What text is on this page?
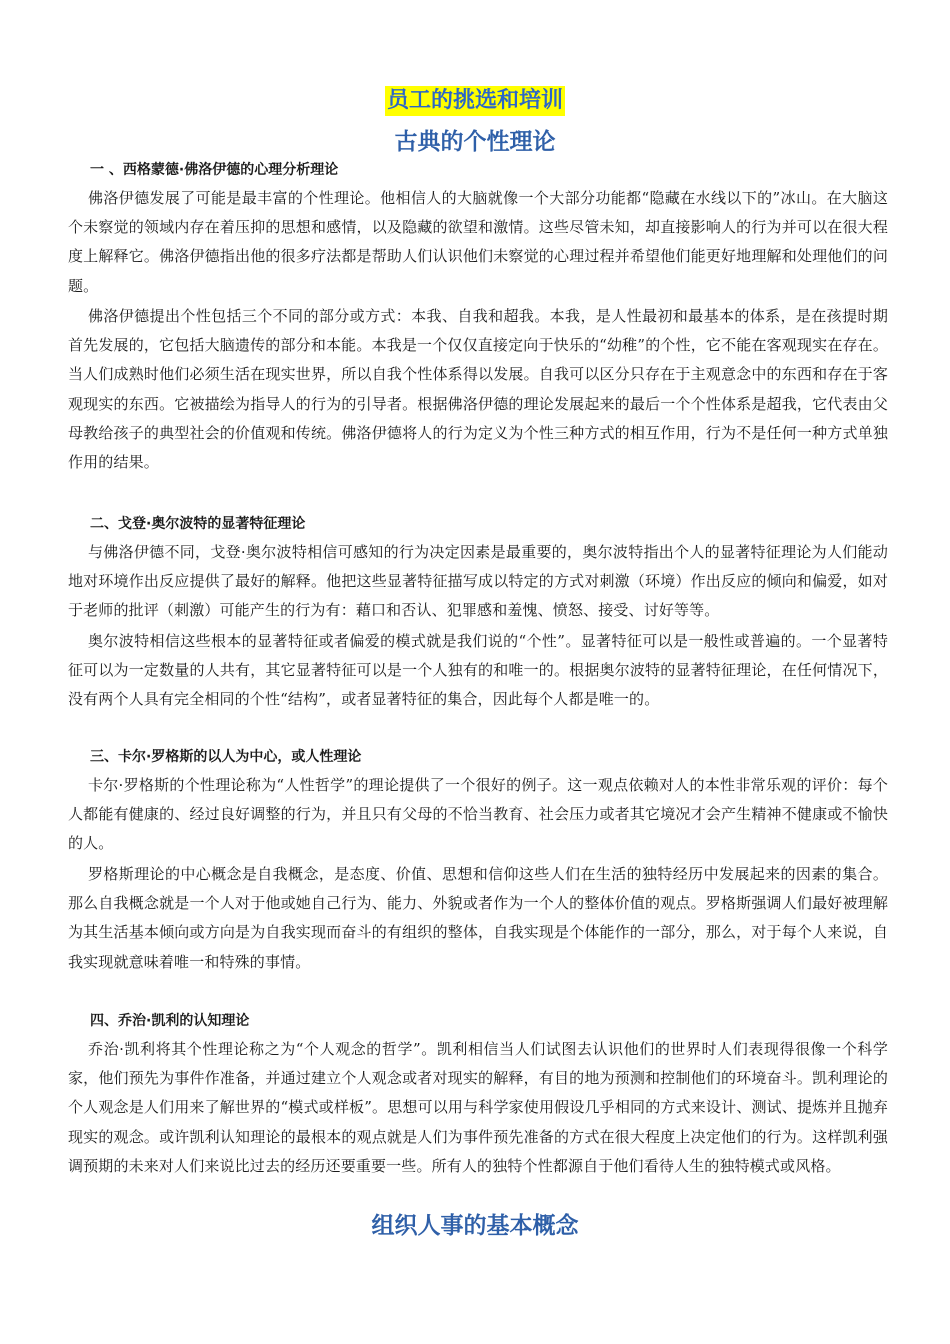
员工的挑选和培训
古典的个性理论
一 、西格蒙德·佛洛伊德的心理分析理论

佛洛伊德发展了可能是最丰富的个性理论。他相信人的大脑就像一个大部分功能都“隐藏在水线以下的”冰山。在大脑这个未察觉的领域内存在着压抑的思想和感情，以及隐藏的欲望和激情。这些尽管未知，却直接影响人的行为并可以在很大程度上解释它。佛洛伊德指出他的很多疗法都是帮助人们认识他们未察觉的心理过程并希望他们能更好地理解和处理他们的问题。

佛洛伊德提出个性包括三个不同的部分或方式：本我、自我和超我。本我，是人性最初和最基本的体系，是在孩提时期首先发展的，它包括大脑遗传的部分和本能。本我是一个仅仅直接定向于快乐的“幼稚”的个性，它不能在客观现实在存在。当人们成熟时他们必须生活在现实世界，所以自我个性体系得以发展。自我可以区分只存在于主观意念中的东西和存在于客观现实的东西。它被描绘为指导人的行为的引导者。根据佛洛伊德的理论发展起来的最后一个个性体系是超我，它代表由父母教给孩子的典型社会的价值观和传统。佛洛伊德将人的行为定义为个性三种方式的相互作用，行为不是任何一种方式单独作用的结果。

二、戈登·奥尔波特的显著特征理论

与佛洛伊德不同，戈登·奥尔波特相信可感知的行为决定因素是最重要的，奥尔波特指出个人的显著特征理论为人们能动地对环境作出反应提供了最好的解释。他把这些显著特征描写成以特定的方式对刺激（环境）作出反应的倾向和偏爱，如对于老师的批评（刺激）可能产生的行为有：藉口和否认、犯罪感和羞愧、愤怒、接受、讨好等等。

奥尔波特相信这些根本的显著特征或者偏爱的模式就是我们说的“个性”。显著特征可以是一般性或普遍的。一个显著特征可以为一定数量的人共有，其它显著特征可以是一个人独有的和唯一的。根据奥尔波特的显著特征理论，在任何情况下，没有两个人具有完全相同的个性“结构”，或者显著特征的集合，因此每个人都是唯一的。

三、卡尔·罗格斯的以人为中心，或人性理论

卡尔·罗格斯的个性理论称为“人性哲学”的理论提供了一个很好的例子。这一观点依赖对人的本性非常乐观的评价：每个人都能有健康的、经过良好调整的行为，并且只有父母的不恰当教育、社会压力或者其它境况才会产生精神不健康或不愉快的人。

罗格斯理论的中心概念是自我概念，是态度、价值、思想和信仰这些人们在生活的独特经历中发展起来的因素的集合。那么自我概念就是一个人对于他或她自己行为、能力、外貌或者作为一个人的整体价值的观点。罗格斯强调人们最好被理解为其生活基本倾向或方向是为自我实现而奋斗的有组织的整体，自我实现是个体能作的一部分，那么，对于每个人来说，自我实现就意味着唯一和特殊的事情。

四、乔治·凯利的认知理论

乔治·凯利将其个性理论称之为“个人观念的哲学”。凯利相信当人们试图去认识他们的世界时人们表现得很像一个科学家，他们预先为事件作准备，并通过建立个人观念或者对现实的解释，有目的地为预测和控制他们的环境奋斗。凯利理论的个人观念是人们用来了解世界的“模式或样板”。思想可以用与科学家使用假设几乎相同的方式来设计、测试、提炼并且抛弃现实的观念。或许凯利认知理论的最根本的观点就是人们为事件预先准备的方式在很大程度上决定他们的行为。这样凯利强调预期的未来对人们来说比过去的经历还要重要一些。所有人的独特个性都源自于他们看待人生的独特模式或风格。

组织人事的基本概念
